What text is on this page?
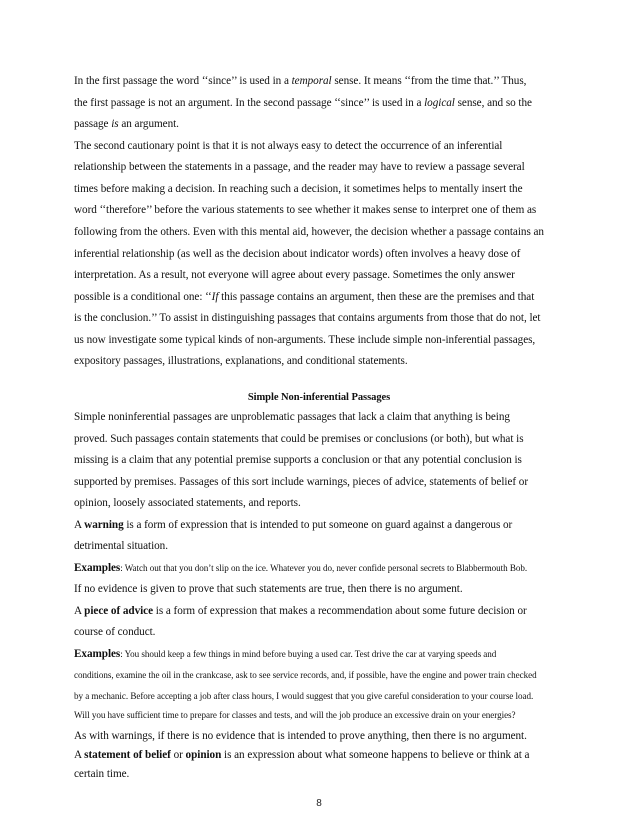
In the first passage the word ‘‘since’’ is used in a temporal sense. It means ‘‘from the time that.’’ Thus,
the first passage is not an argument. In the second passage ‘‘since’’ is used in a logical sense, and so the
passage is an argument.
The second cautionary point is that it is not always easy to detect the occurrence of an inferential
relationship between the statements in a passage, and the reader may have to review a passage several
times before making a decision. In reaching such a decision, it sometimes helps to mentally insert the
word ‘‘therefore’’ before the various statements to see whether it makes sense to interpret one of them as
following from the others. Even with this mental aid, however, the decision whether a passage contains an
inferential relationship (as well as the decision about indicator words) often involves a heavy dose of
interpretation. As a result, not everyone will agree about every passage. Sometimes the only answer
possible is a conditional one: ‘‘If this passage contains an argument, then these are the premises and that
is the conclusion.’’ To assist in distinguishing passages that contains arguments from those that do not, let
us now investigate some typical kinds of non-arguments. These include simple non-inferential passages,
expository passages, illustrations, explanations, and conditional statements.
Simple Non-inferential Passages
Simple noninferential passages are unproblematic passages that lack a claim that anything is being
proved. Such passages contain statements that could be premises or conclusions (or both), but what is
missing is a claim that any potential premise supports a conclusion or that any potential conclusion is
supported by premises. Passages of this sort include warnings, pieces of advice, statements of belief or
opinion, loosely associated statements, and reports.
A warning is a form of expression that is intended to put someone on guard against a dangerous or
detrimental situation.
Examples: Watch out that you don’t slip on the ice. Whatever you do, never confide personal secrets to Blabbermouth Bob.
If no evidence is given to prove that such statements are true, then there is no argument.
A piece of advice is a form of expression that makes a recommendation about some future decision or
course of conduct.
Examples: You should keep a few things in mind before buying a used car. Test drive the car at varying speeds and
conditions, examine the oil in the crankcase, ask to see service records, and, if possible, have the engine and power train checked
by a mechanic. Before accepting a job after class hours, I would suggest that you give careful consideration to your course load.
Will you have sufficient time to prepare for classes and tests, and will the job produce an excessive drain on your energies?
As with warnings, if there is no evidence that is intended to prove anything, then there is no argument.
A statement of belief or opinion is an expression about what someone happens to believe or think at a
certain time.
8
